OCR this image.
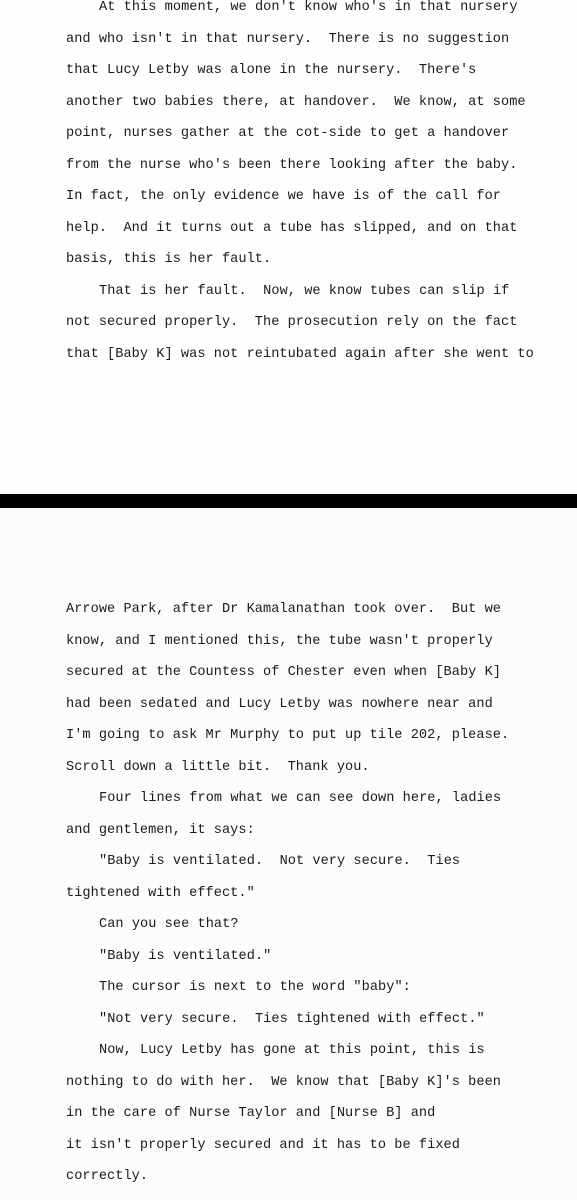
At this moment, we don't know who's in that nursery
and who isn't in that nursery.  There is no suggestion
that Lucy Letby was alone in the nursery.  There's
another two babies there, at handover.  We know, at some
point, nurses gather at the cot-side to get a handover
from the nurse who's been there looking after the baby.
In fact, the only evidence we have is of the call for
help.  And it turns out a tube has slipped, and on that
basis, this is her fault.
That is her fault.  Now, we know tubes can slip if
not secured properly.  The prosecution rely on the fact
that [Baby K] was not reintubated again after she went to
Arrowe Park, after Dr Kamalanathan took over.  But we
know, and I mentioned this, the tube wasn't properly
secured at the Countess of Chester even when [Baby K]
had been sedated and Lucy Letby was nowhere near and
I'm going to ask Mr Murphy to put up tile 202, please.
Scroll down a little bit.  Thank you.
Four lines from what we can see down here, ladies
and gentlemen, it says:
"Baby is ventilated.  Not very secure.  Ties
tightened with effect."
Can you see that?
"Baby is ventilated."
The cursor is next to the word "baby":
"Not very secure.  Ties tightened with effect."
Now, Lucy Letby has gone at this point, this is
nothing to do with her.  We know that [Baby K]'s been
in the care of Nurse Taylor and [Nurse B] and
it isn't properly secured and it has to be fixed
correctly.
